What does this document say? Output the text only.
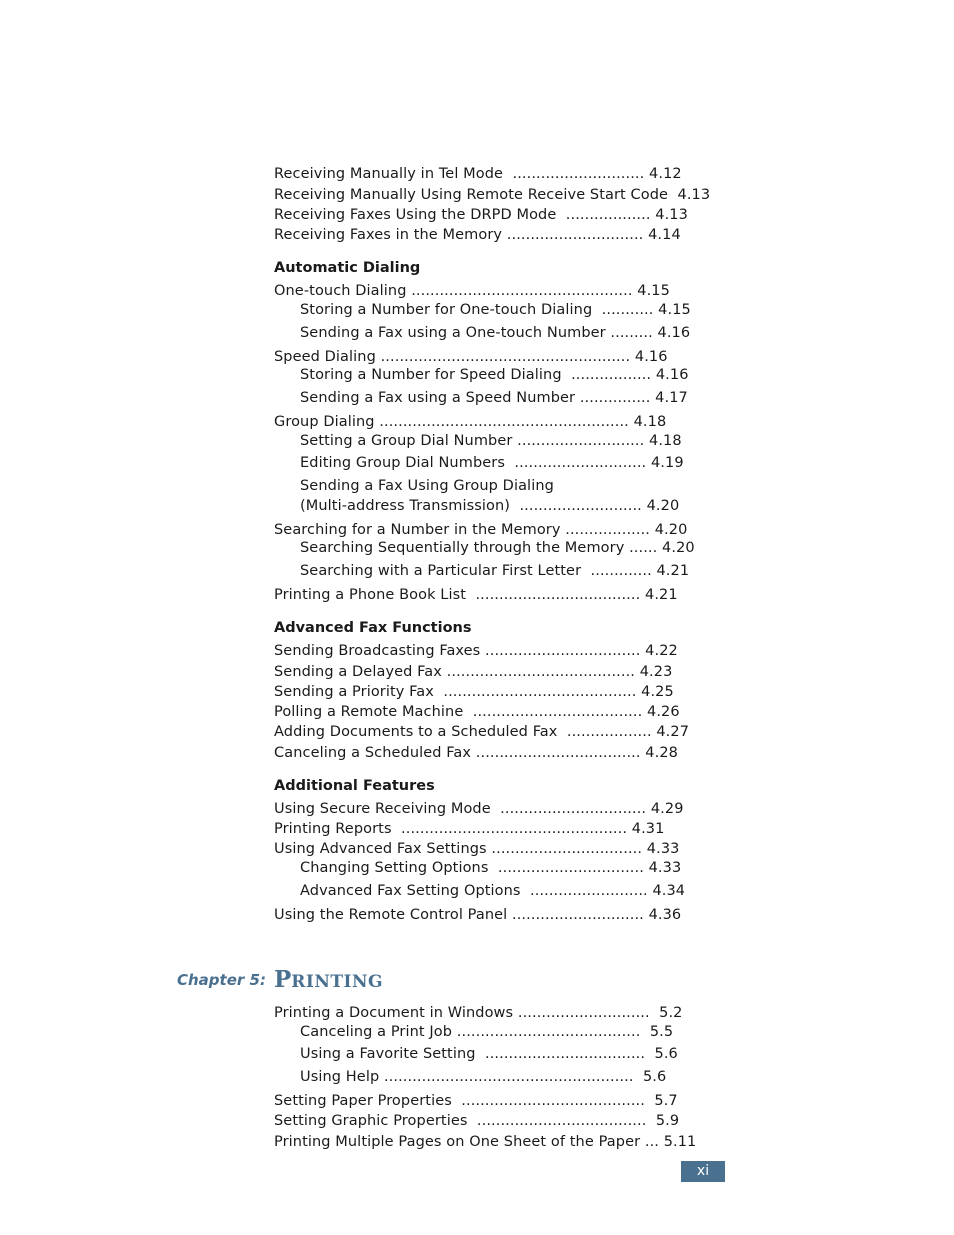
Receiving Manually in Tel Mode  ............................ 4.12
Receiving Manually Using Remote Receive Start Code  4.13
Receiving Faxes Using the DRPD Mode  .................. 4.13
Receiving Faxes in the Memory ............................. 4.14
Automatic Dialing
One-touch Dialing ............................................... 4.15
Storing a Number for One-touch Dialing  ........... 4.15
Sending a Fax using a One-touch Number ......... 4.16
Speed Dialing ..................................................... 4.16
Storing a Number for Speed Dialing  ................. 4.16
Sending a Fax using a Speed Number ............... 4.17
Group Dialing ..................................................... 4.18
Setting a Group Dial Number ........................... 4.18
Editing Group Dial Numbers  ............................ 4.19
Sending a Fax Using Group Dialing
(Multi-address Transmission)  .......................... 4.20
Searching for a Number in the Memory .................. 4.20
Searching Sequentially through the Memory ...... 4.20
Searching with a Particular First Letter  ............. 4.21
Printing a Phone Book List  ................................... 4.21
Advanced Fax Functions
Sending Broadcasting Faxes ................................. 4.22
Sending a Delayed Fax ........................................ 4.23
Sending a Priority Fax  ......................................... 4.25
Polling a Remote Machine  .................................... 4.26
Adding Documents to a Scheduled Fax  .................. 4.27
Canceling a Scheduled Fax ................................... 4.28
Additional Features
Using Secure Receiving Mode  ............................... 4.29
Printing Reports  ................................................ 4.31
Using Advanced Fax Settings ................................ 4.33
Changing Setting Options  ............................... 4.33
Advanced Fax Setting Options  ......................... 4.34
Using the Remote Control Panel ............................ 4.36
Printing a Document in Windows ............................  5.2
Canceling a Print Job .......................................  5.5
Using a Favorite Setting  ..................................  5.6
Using Help .....................................................  5.6
Setting Paper Properties  .......................................  5.7
Setting Graphic Properties  ....................................  5.9
Printing Multiple Pages on One Sheet of the Paper ... 5.11
Chapter 5: PRINTING
xi
